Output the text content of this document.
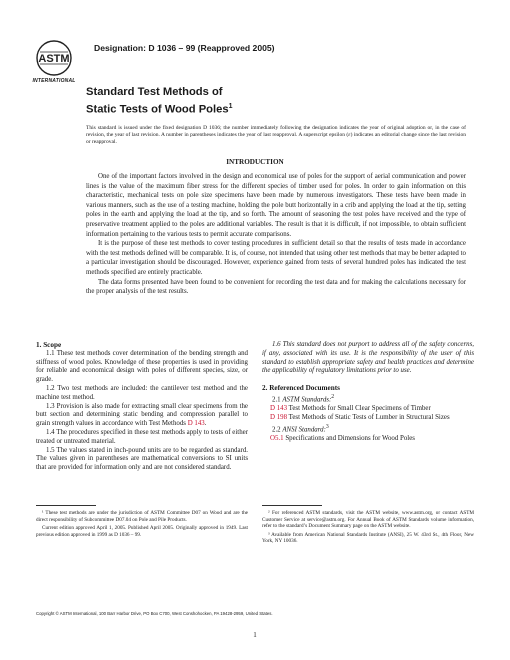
ASTM
INTERNATIONAL
Designation: D 1036 – 99 (Reapproved 2005)
Standard Test Methods of
Static Tests of Wood Poles$^1$
This standard is issued under the fixed designation D 1036; the number immediately following the designation indicates the year of original adoption or, in the case of revision, the year of last revision. A number in parentheses indicates the year of last reapproval. A superscript epsilon (ε) indicates an editorial change since the last revision or reapproval.
INTRODUCTION

One of the important factors involved in the design and economical use of poles for the support of aerial communication and power lines is the value of the maximum fiber stress for the different species of timber used for poles. In order to gain information on this characteristic, mechanical tests on pole size specimens have been made by numerous investigators. These tests have been made in various manners, such as the use of a testing machine, holding the pole butt horizontally in a crib and applying the load at the tip, setting poles in the earth and applying the load at the tip, and so forth. The amount of seasoning the test poles have received and the type of preservative treatment applied to the poles are additional variables. The result is that it is difficult, if not impossible, to obtain sufficient information pertaining to the various tests to permit accurate comparisons.

It is the purpose of these test methods to cover testing procedures in sufficient detail so that the results of tests made in accordance with the test methods defined will be comparable. It is, of course, not intended that using other test methods that may be better adapted to a particular investigation should be discouraged. However, experience gained from tests of several hundred poles has indicated the test methods specified are entirely practicable.

The data forms presented have been found to be convenient for recording the test data and for making the calculations necessary for the proper analysis of the test results.

1. Scope

1.1 These test methods cover determination of the bending strength and stiffness of wood poles. Knowledge of these properties is used in providing for reliable and economical design with poles of different species, size, or grade.

1.2 Two test methods are included: the cantilever test method and the machine test method.

1.3 Provision is also made for extracting small clear specimens from the butt section and determining static bending and compression parallel to grain strength values in accordance with Test Methods D 143.

1.4 The procedures specified in these test methods apply to tests of either treated or untreated material.

1.5 The values stated in inch-pound units are to be regarded as standard. The values given in parentheses are mathematical conversions to SI units that are provided for information only and are not considered standard.

1.6 This standard does not purport to address all of the safety concerns, if any, associated with its use. It is the responsibility of the user of this standard to establish appropriate safety and health practices and determine the applicability of regulatory limitations prior to use.

2. Referenced Documents

2.1 ASTM Standards:$^2$

D 143 Test Methods for Small Clear Specimens of Timber

D 198 Test Methods of Static Tests of Lumber in Structural Sizes

2.2 ANSI Standard:$^3$

O5.1 Specifications and Dimensions for Wood Poles

¹ These test methods are under the jurisdiction of ASTM Committee D07 on Wood and are the direct responsibility of Subcommittee D07.04 on Pole and Pile Products.

Current edition approved April 1, 2005. Published April 2005. Originally approved in 1949. Last previous edition approved in 1999 as D 1036 – 99.

² For referenced ASTM standards, visit the ASTM website, www.astm.org, or contact ASTM Customer Service at service@astm.org. For Annual Book of ASTM Standards volume information, refer to the standard’s Document Summary page on the ASTM website.

³ Available from American National Standards Institute (ANSI), 25 W. 43rd St., 4th Floor, New York, NY 10036.

Copyright © ASTM International, 100 Barr Harbor Drive, PO Box C700, West Conshohocken, PA 19428-2959, United States.
1
